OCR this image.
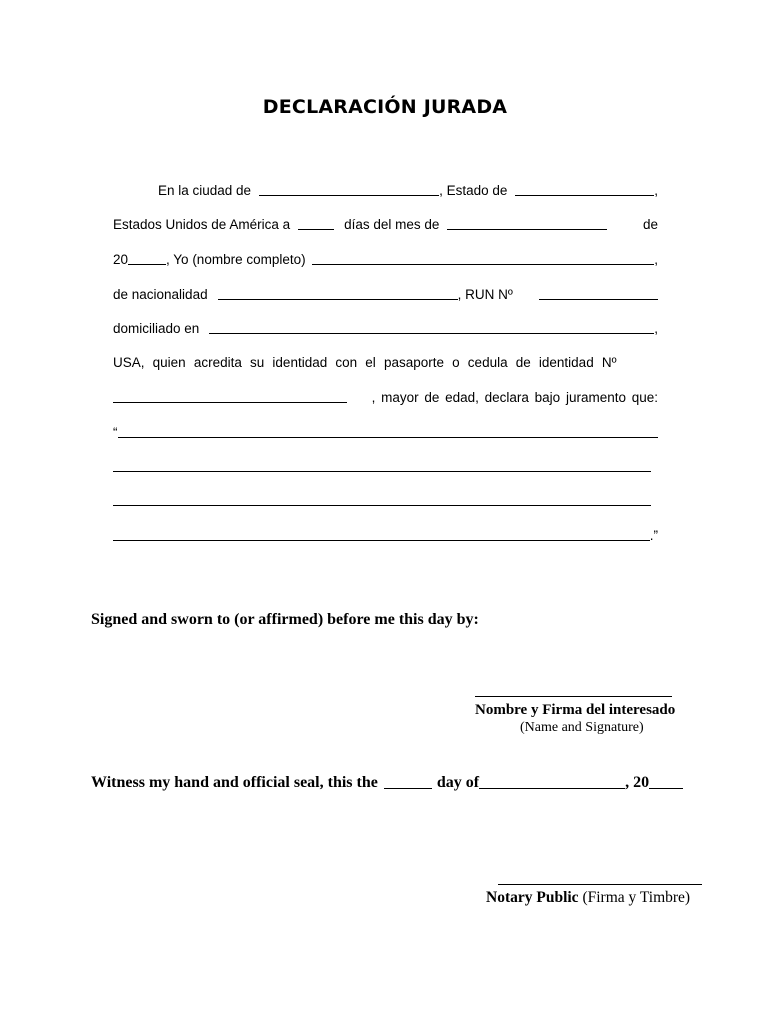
DECLARACIÓN JURADA
En la ciudad de	, Estado de	,
Estados Unidos de América a	días del mes de	de
20	, Yo (nombre completo)	,
de nacionalidad	, RUN Nº
domiciliado en	,
USA, quien acredita su identidad con el pasaporte o cedula de identidad Nº
, mayor de edad, declara bajo juramento que:
“
.”
Signed and sworn to (or affirmed) before me this day by:
Nombre y Firma del interesado
(Name and Signature)
Witness my hand and official seal, this the	day of	, 20
Notary Public (Firma y Timbre)
